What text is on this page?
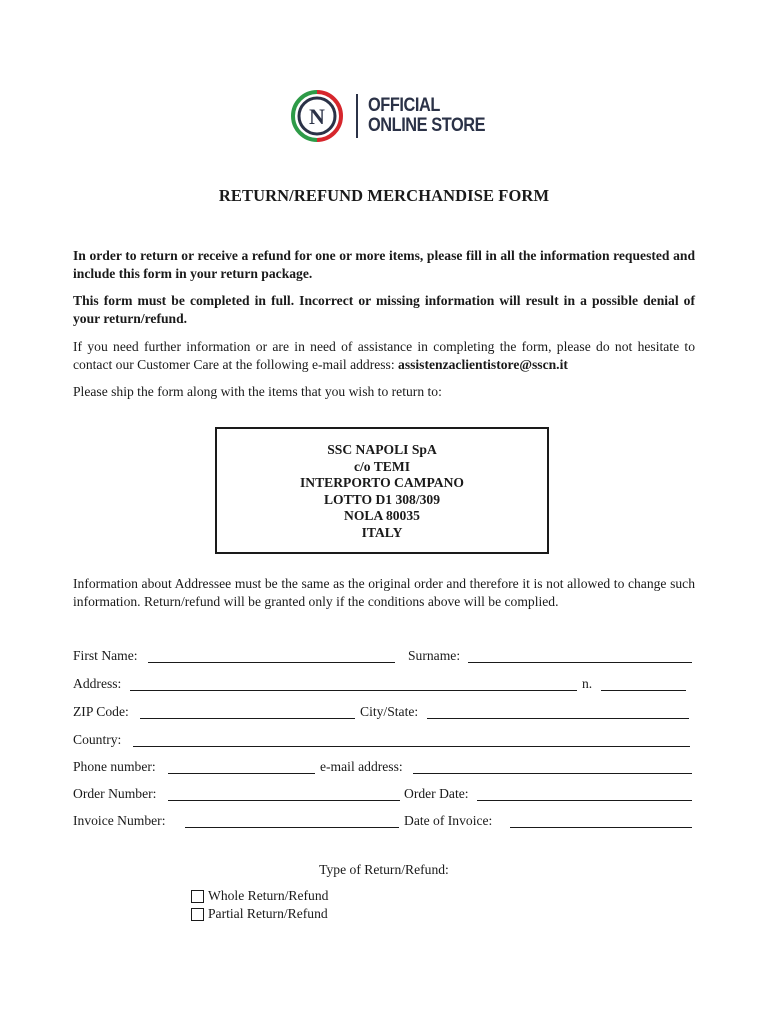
N OFFICIAL
ONLINE STORE
RETURN/REFUND MERCHANDISE FORM

In order to return or receive a refund for one or more items, please fill in all the information requested and include this form in your return package.

This form must be completed in full. Incorrect or missing information will result in a possible denial of your return/refund.

If you need further information or are in need of assistance in completing the form, please do not hesitate to contact our Customer Care at the following e-mail address: assistenzaclientistore@sscn.it

Please ship the form along with the items that you wish to return to:

SSC NAPOLI SpA
c/o TEMI
INTERPORTO CAMPANO
LOTTO D1 308/309
NOLA 80035
ITALY

Information about Addressee must be the same as the original order and therefore it is not allowed to change such information. Return/refund will be granted only if the conditions above will be complied.

First Name:	Surname:
Address:	n.
ZIP Code:	City/State:
Country:
Phone number:	e-mail address:
Order Number:	Order Date:
Invoice Number:	Date of Invoice:
Type of Return/Refund:
Whole Return/Refund
Partial Return/Refund
